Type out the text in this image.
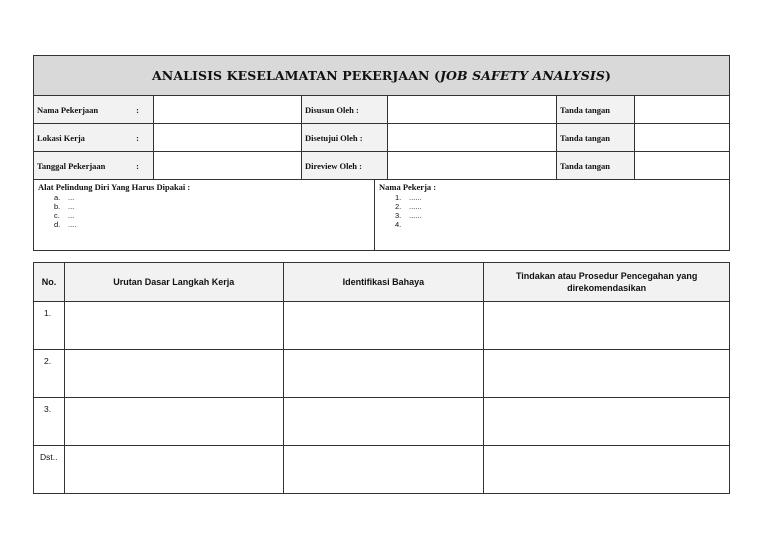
ANALISIS KESELAMATAN PEKERJAAN ( JOB SAFETY ANALYSIS )
Nama Pekerjaan	:	Disusun Oleh :	Tanda tangan
Lokasi Kerja	:	Disetujui Oleh :	Tanda tangan
Tanggal Pekerjaan	:	Direview Oleh :	Tanda tangan
Alat Pelindung Diri Yang Harus Dipakai :
a. ...
b. ...
c. ...
d. ....
Nama Pekerja :
1. ......
2. ......
3. ......
4.
No.	Urutan Dasar Langkah Kerja	Identifikasi Bahaya	Tindakan atau Prosedur Pencegahan yang direkomendasikan
1.			
2.			
3.			
Dst..			
